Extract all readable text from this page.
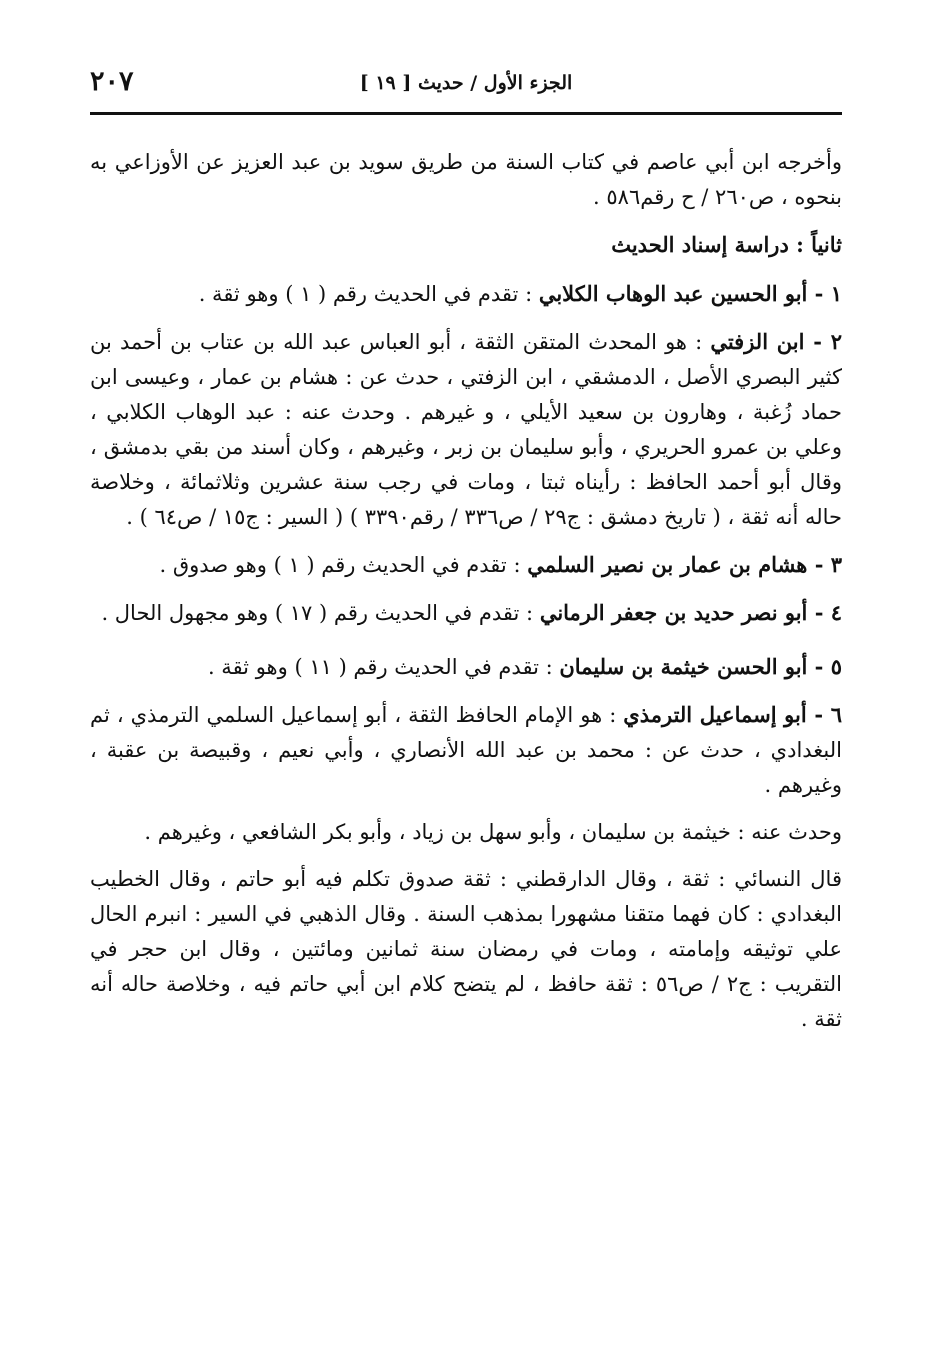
الجزء الأول / حديث [ ١٩ ]
٢٠٧

وأخرجه ابن أبي عاصم في كتاب السنة من طريق سويد بن عبد العزيز عن الأوزاعي به بنحوه ، ص٢٦٠ / ح رقم٥٨٦ .

ثانياً : دراسة إسناد الحديث

١ - أبو الحسين عبد الوهاب الكلابي : تقدم في الحديث رقم ( ١ ) وهو ثقة .

٢ - ابن الزفتي : هو المحدث المتقن الثقة ، أبو العباس عبد الله بن عتاب بن أحمد بن كثير البصري الأصل ، الدمشقي ، ابن الزفتي ، حدث عن : هشام بن عمار ، وعيسى ابن حماد زُغبة ، وهارون بن سعيد الأيلي ، و غيرهم . وحدث عنه : عبد الوهاب الكلابي ، وعلي بن عمرو الحريري ، وأبو سليمان بن زبر ، وغيرهم ، وكان أسند من بقي بدمشق ، وقال أبو أحمد الحافظ : رأيناه ثبتا ، ومات في رجب سنة عشرين وثلاثمائة ، وخلاصة حاله أنه ثقة ، ( تاريخ دمشق : ج٢٩ / ص٣٣٦ / رقم٣٣٩٠ ) ( السير : ج١٥ / ص٦٤ ) .

٣ - هشام بن عمار بن نصير السلمي : تقدم في الحديث رقم ( ١ ) وهو صدوق .

٤ - أبو نصر حديد بن جعفر الرماني : تقدم في الحديث رقم ( ١٧ ) وهو مجهول الحال .

٥ - أبو الحسن خيثمة بن سليمان : تقدم في الحديث رقم ( ١١ ) وهو ثقة .

٦ - أبو إسماعيل الترمذي : هو الإمام الحافظ الثقة ، أبو إسماعيل السلمي الترمذي ، ثم البغدادي ، حدث عن : محمد بن عبد الله الأنصاري ، وأبي نعيم ، وقبيصة بن عقبة ، وغيرهم .

وحدث عنه : خيثمة بن سليمان ، وأبو سهل بن زياد ، وأبو بكر الشافعي ، وغيرهم .

قال النسائي : ثقة ، وقال الدارقطني : ثقة صدوق تكلم فيه أبو حاتم ، وقال الخطيب البغدادي : كان فهما متقنا مشهورا بمذهب السنة . وقال الذهبي في السير : انبرم الحال علي توثيقه وإمامته ، ومات في رمضان سنة ثمانين ومائتين ، وقال ابن حجر في التقريب : ج٢ / ص٥٦ : ثقة حافظ ، لم يتضح كلام ابن أبي حاتم فيه ، وخلاصة حاله أنه ثقة .
